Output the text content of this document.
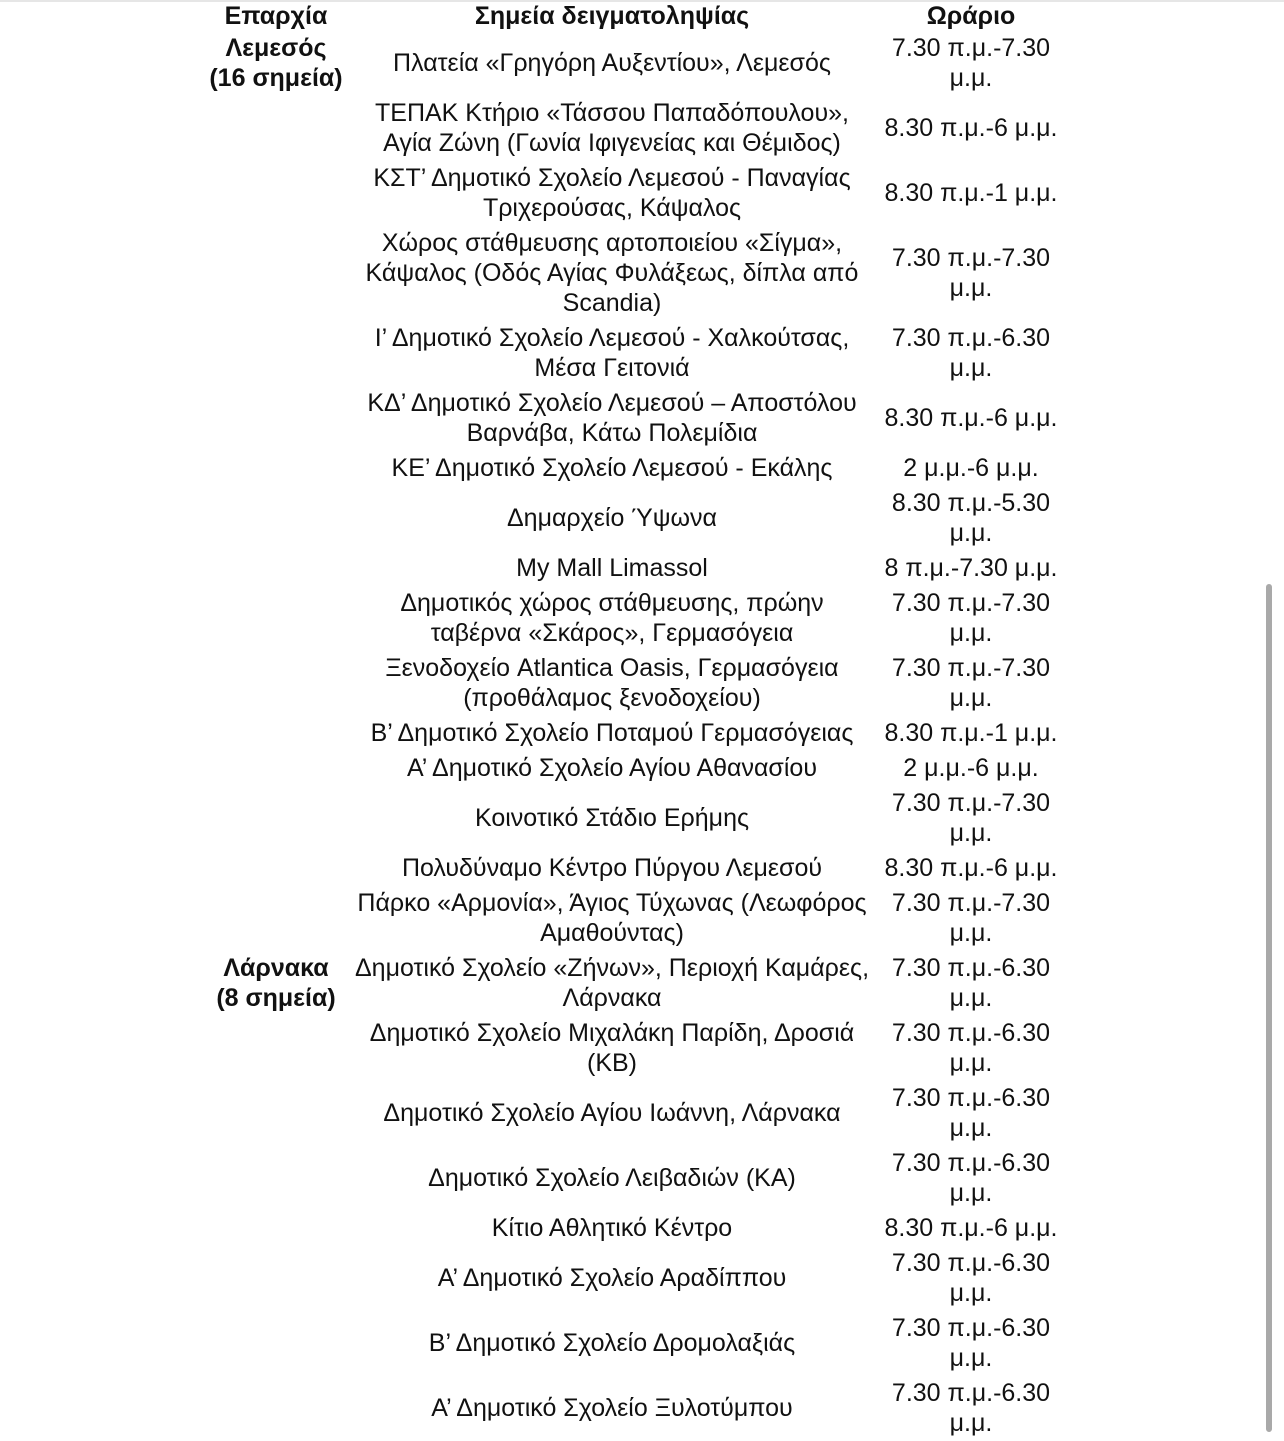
Επαρχία	Σημεία δειγματοληψίας	Ωράριο

Λεμεσός
(16 σημεία)	Πλατεία «Γρηγόρη Αυξεντίου», Λεμεσός	7.30 π.μ.-7.30 μ.μ.
	ΤΕΠΑΚ Κτήριο «Τάσσου Παπαδόπουλου», Αγία Ζώνη (Γωνία Ιφιγενείας και Θέμιδος)	8.30 π.μ.-6 μ.μ.
	ΚΣΤ’ Δημοτικό Σχολείο Λεμεσού - Παναγίας Τριχερούσας, Κάψαλος	8.30 π.μ.-1 μ.μ.
	Χώρος στάθμευσης αρτοποιείου «Σίγμα», Κάψαλος (Οδός Αγίας Φυλάξεως, δίπλα από Scandia)	7.30 π.μ.-7.30 μ.μ.
	Ι’ Δημοτικό Σχολείο Λεμεσού - Χαλκούτσας, Μέσα Γειτονιά	7.30 π.μ.-6.30 μ.μ.
	ΚΔ’ Δημοτικό Σχολείο Λεμεσού – Αποστόλου Βαρνάβα, Κάτω Πολεμίδια	8.30 π.μ.-6 μ.μ.
	ΚΕ’ Δημοτικό Σχολείο Λεμεσού - Εκάλης	2 μ.μ.-6 μ.μ.
	Δημαρχείο Ύψωνα	8.30 π.μ.-5.30 μ.μ.
	My Mall Limassol	8 π.μ.-7.30 μ.μ.
	Δημοτικός χώρος στάθμευσης, πρώην ταβέρνα «Σκάρος», Γερμασόγεια	7.30 π.μ.-7.30 μ.μ.
	Ξενοδοχείο Atlantica Oasis, Γερμασόγεια (προθάλαμος ξενοδοχείου)	7.30 π.μ.-7.30 μ.μ.
	Β’ Δημοτικό Σχολείο Ποταμού Γερμασόγειας	8.30 π.μ.-1 μ.μ.
	Α’ Δημοτικό Σχολείο Αγίου Αθανασίου	2 μ.μ.-6 μ.μ.
	Κοινοτικό Στάδιο Ερήμης	7.30 π.μ.-7.30 μ.μ.
	Πολυδύναμο Κέντρο Πύργου Λεμεσού	8.30 π.μ.-6 μ.μ.
	Πάρκο «Αρμονία», Άγιος Τύχωνας (Λεωφόρος Αμαθούντας)	7.30 π.μ.-7.30 μ.μ.

Λάρνακα
(8 σημεία)	Δημοτικό Σχολείο «Ζήνων», Περιοχή Καμάρες, Λάρνακα	7.30 π.μ.-6.30 μ.μ.
	Δημοτικό Σχολείο Μιχαλάκη Παρίδη, Δροσιά (ΚΒ)	7.30 π.μ.-6.30 μ.μ.
	Δημοτικό Σχολείο Αγίου Ιωάννη, Λάρνακα	7.30 π.μ.-6.30 μ.μ.
	Δημοτικό Σχολείο Λειβαδιών (ΚΑ)	7.30 π.μ.-6.30 μ.μ.
	Κίτιο Αθλητικό Κέντρο	8.30 π.μ.-6 μ.μ.
	Α’ Δημοτικό Σχολείο Αραδίππου	7.30 π.μ.-6.30 μ.μ.
	Β’ Δημοτικό Σχολείο Δρομολαξιάς	7.30 π.μ.-6.30 μ.μ.
	Α’ Δημοτικό Σχολείο Ξυλοτύμπου	7.30 π.μ.-6.30 μ.μ.
